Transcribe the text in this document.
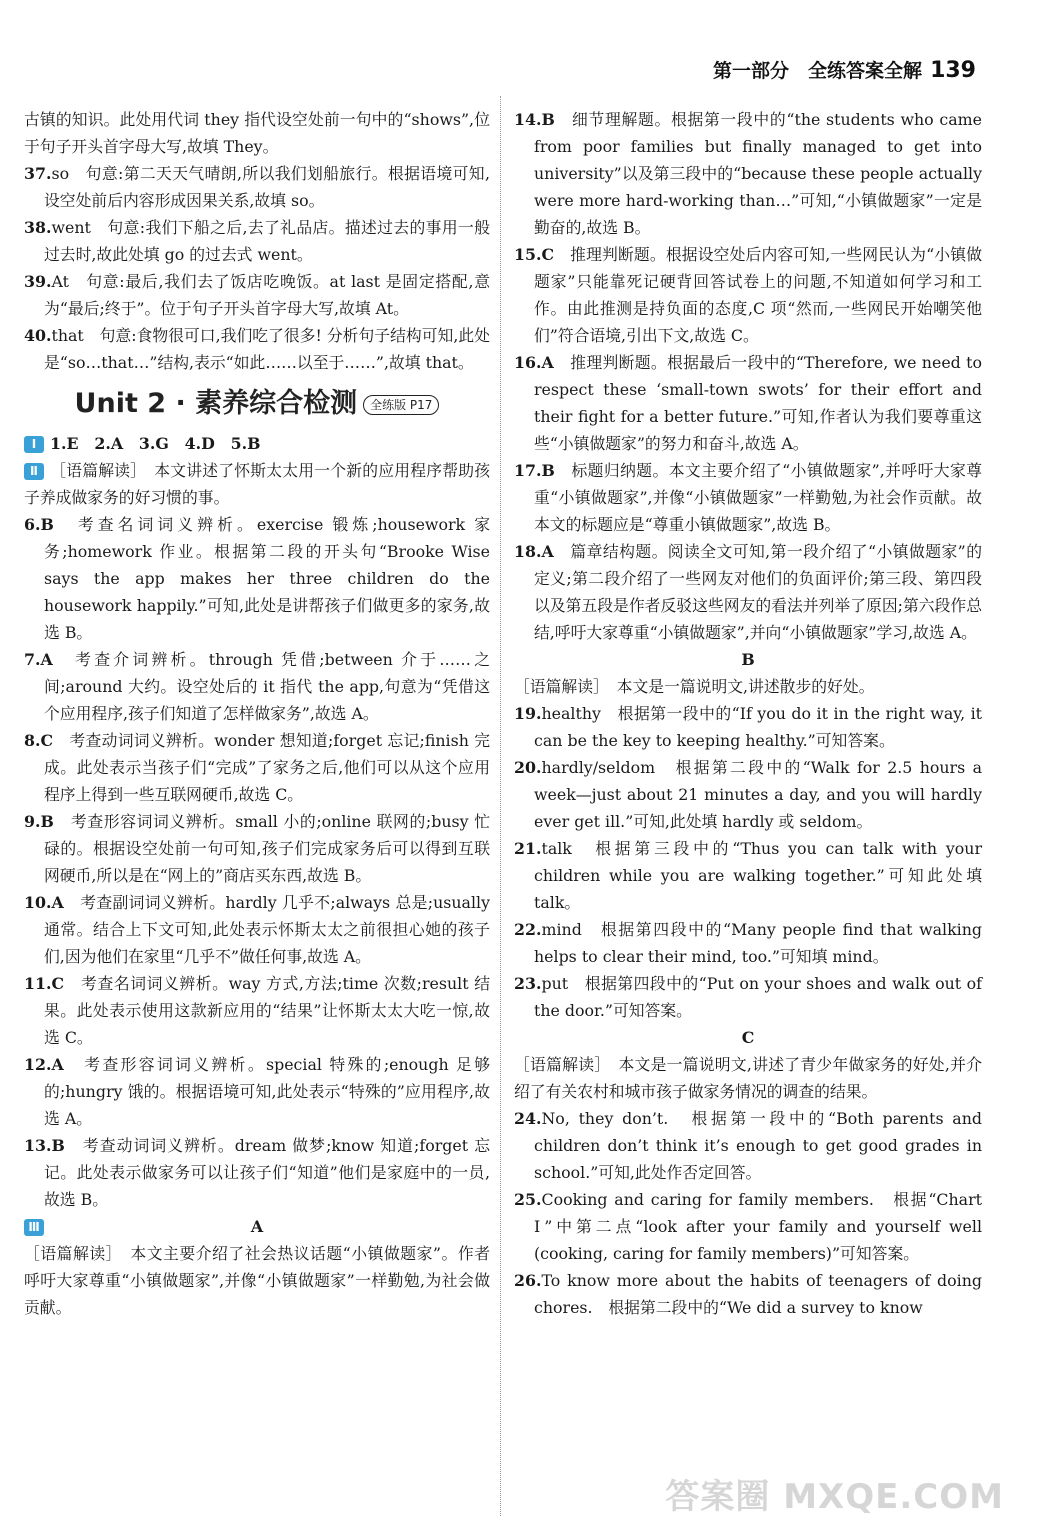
第一部分　 全练答案全解 139

古镇的知识。此处用代词 they 指代设空处前一句中的“shows”,位于句子开头首字母大写,故填 They。

37.so　句意:第二天天气晴朗,所以我们划船旅行。根据语境可知,设空处前后内容形成因果关系,故填 so。

38.went　句意:我们下船之后,去了礼品店。描述过去的事用一般过去时,故此处填 go 的过去式 went。

39.At　句意:最后,我们去了饭店吃晚饭。at last 是固定搭配,意为“最后;终于”。位于句子开头首字母大写,故填 At。

40.that　句意:食物很可口,我们吃了很多! 分析句子结构可知,此处是“so…that…”结构,表示“如此……以至于……”,故填 that。

Unit 2 · 素养综合检测 全练版 P17

Ⅰ 1.E　2.A　3.G　4.D　5.B

Ⅱ ［语篇解读］　本文讲述了怀斯太太用一个新的应用程序帮助孩子养成做家务的好习惯的事。

6.B　考查名词词义辨析。exercise 锻炼;housework 家务;homework 作业。根据第二段的开头句“Brooke Wise says the app makes her three children do the housework happily.”可知,此处是讲帮孩子们做更多的家务,故选 B。

7.A　考查介词辨析。through 凭借;between 介于……之间;around 大约。设空处后的 it 指代 the app,句意为“凭借这个应用程序,孩子们知道了怎样做家务”,故选 A。

8.C　考查动词词义辨析。wonder 想知道;forget 忘记;finish 完成。此处表示当孩子们“完成”了家务之后,他们可以从这个应用程序上得到一些互联网硬币,故选 C。

9.B　考查形容词词义辨析。small 小的;online 联网的;busy 忙碌的。根据设空处前一句可知,孩子们完成家务后可以得到互联网硬币,所以是在“网上的”商店买东西,故选 B。

10.A　考查副词词义辨析。hardly 几乎不;always 总是;usually 通常。结合上下文可知,此处表示怀斯太太之前很担心她的孩子们,因为他们在家里“几乎不”做任何事,故选 A。

11.C　考查名词词义辨析。way 方式,方法;time 次数;result 结果。此处表示使用这款新应用的“结果”让怀斯太太大吃一惊,故选 C。

12.A　考查形容词词义辨析。special 特殊的;enough 足够的;hungry 饿的。根据语境可知,此处表示“特殊的”应用程序,故选 A。

13.B　考查动词词义辨析。dream 做梦;know 知道;forget 忘记。此处表示做家务可以让孩子们“知道”他们是家庭中的一员,故选 B。

Ⅲ	A

［语篇解读］　本文主要介绍了社会热议话题“小镇做题家”。作者呼吁大家尊重“小镇做题家”,并像“小镇做题家”一样勤勉,为社会做贡献。

14.B　细节理解题。根据第一段中的“the students who came from poor families but finally managed to get into university”以及第三段中的“because these people actually were more hard-working than…”可知,“小镇做题家”一定是勤奋的,故选 B。

15.C　推理判断题。根据设空处后内容可知,一些网民认为“小镇做题家”只能靠死记硬背回答试卷上的问题,不知道如何学习和工作。由此推测是持负面的态度,C 项“然而,一些网民开始嘲笑他们”符合语境,引出下文,故选 C。

16.A　推理判断题。根据最后一段中的“Therefore, we need to respect these ‘small-town swots’ for their effort and their fight for a better future.”可知,作者认为我们要尊重这些“小镇做题家”的努力和奋斗,故选 A。

17.B　标题归纳题。本文主要介绍了“小镇做题家”,并呼吁大家尊重“小镇做题家”,并像“小镇做题家”一样勤勉,为社会作贡献。故本文的标题应是“尊重小镇做题家”,故选 B。

18.A　篇章结构题。阅读全文可知,第一段介绍了“小镇做题家”的定义;第二段介绍了一些网友对他们的负面评价;第三段、第四段以及第五段是作者反驳这些网友的看法并列举了原因;第六段作总结,呼吁大家尊重“小镇做题家”,并向“小镇做题家”学习,故选 A。

B

［语篇解读］　本文是一篇说明文,讲述散步的好处。

19.healthy　根据第一段中的“If you do it in the right way, it can be the key to keeping healthy.”可知答案。

20.hardly/seldom　根据第二段中的“Walk for 2.5 hours a week—just about 21 minutes a day, and you will hardly ever get ill.”可知,此处填 hardly 或 seldom。

21.talk　根据第三段中的“Thus you can talk with your children while you are walking together.”可知此处填 talk。

22.mind　根据第四段中的“Many people find that walking helps to clear their mind, too.”可知填 mind。

23.put　根据第四段中的“Put on your shoes and walk out of the door.”可知答案。

C

［语篇解读］　本文是一篇说明文,讲述了青少年做家务的好处,并介绍了有关农村和城市孩子做家务情况的调查的结果。

24.No, they don’t.　根据第一段中的“Both parents and children don’t think it’s enough to get good grades in school.”可知,此处作否定回答。

25.Cooking and caring for family members.　根据“Chart Ⅰ”中第二点“look after your family and yourself well (cooking, caring for family members)”可知答案。

26.To know more about the habits of teenagers of doing chores.　根据第二段中的“We did a survey to know

答案圈 MXQE.COM
